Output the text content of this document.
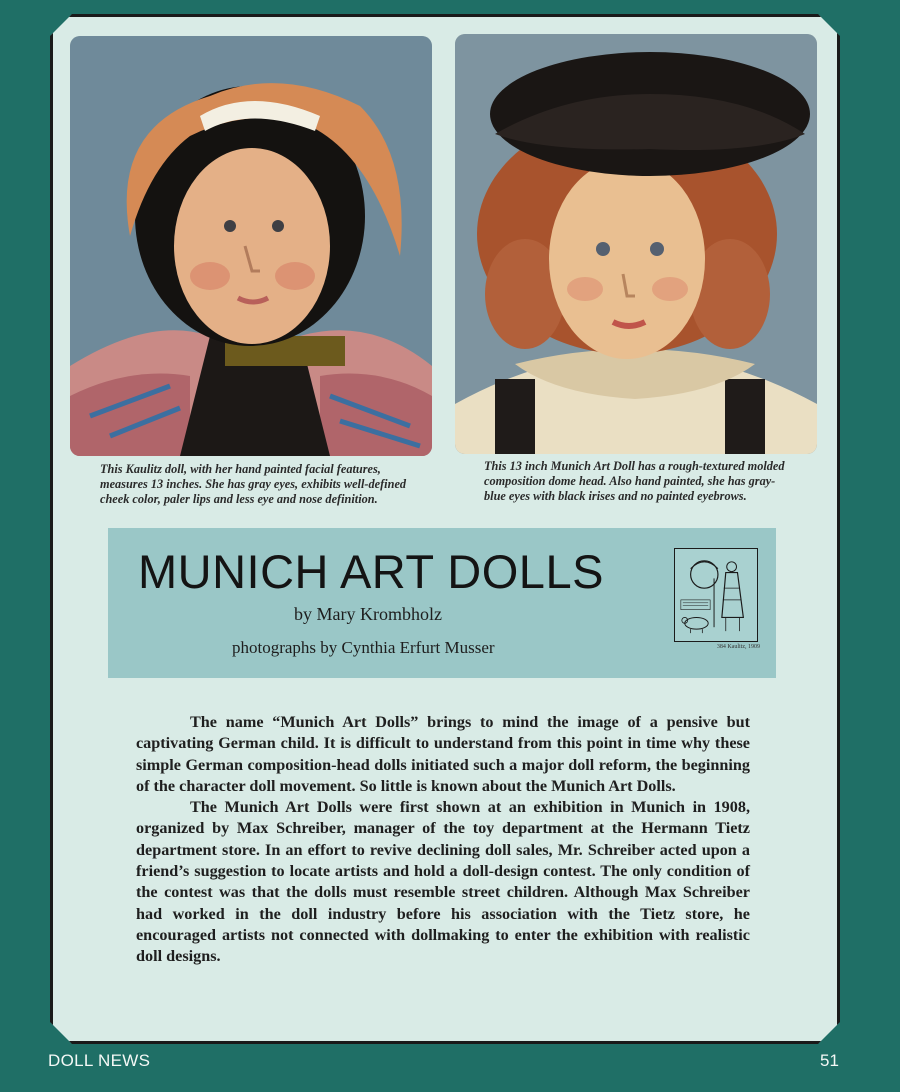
This Kaulitz doll, with her hand painted facial features, measures 13 inches. She has gray eyes, exhibits well-defined cheek color, paler lips and less eye and nose definition.

This 13 inch Munich Art Doll has a rough-textured molded composition dome head. Also hand painted, she has gray-blue eyes with black irises and no painted eyebrows.

MUNICH ART DOLLS
by Mary Krombholz
photographs by Cynthia Erfurt Musser	384 Kaulitz, 1909

The name “Munich Art Dolls” brings to mind the image of a pensive but captivating German child. It is difficult to understand from this point in time why these simple German composition-head dolls initiated such a major doll reform, the beginning of the character doll movement. So little is known about the Munich Art Dolls.

The Munich Art Dolls were first shown at an exhibition in Munich in 1908, organized by Max Schreiber, manager of the toy department at the Hermann Tietz department store. In an effort to revive declining doll sales, Mr. Schreiber acted upon a friend’s suggestion to locate artists and hold a doll-design contest. The only condition of the contest was that the dolls must resemble street children. Although Max Schreiber had worked in the doll industry before his association with the Tietz store, he encouraged artists not connected with dollmaking to enter the exhibition with realistic doll designs.

DOLL NEWS	51
